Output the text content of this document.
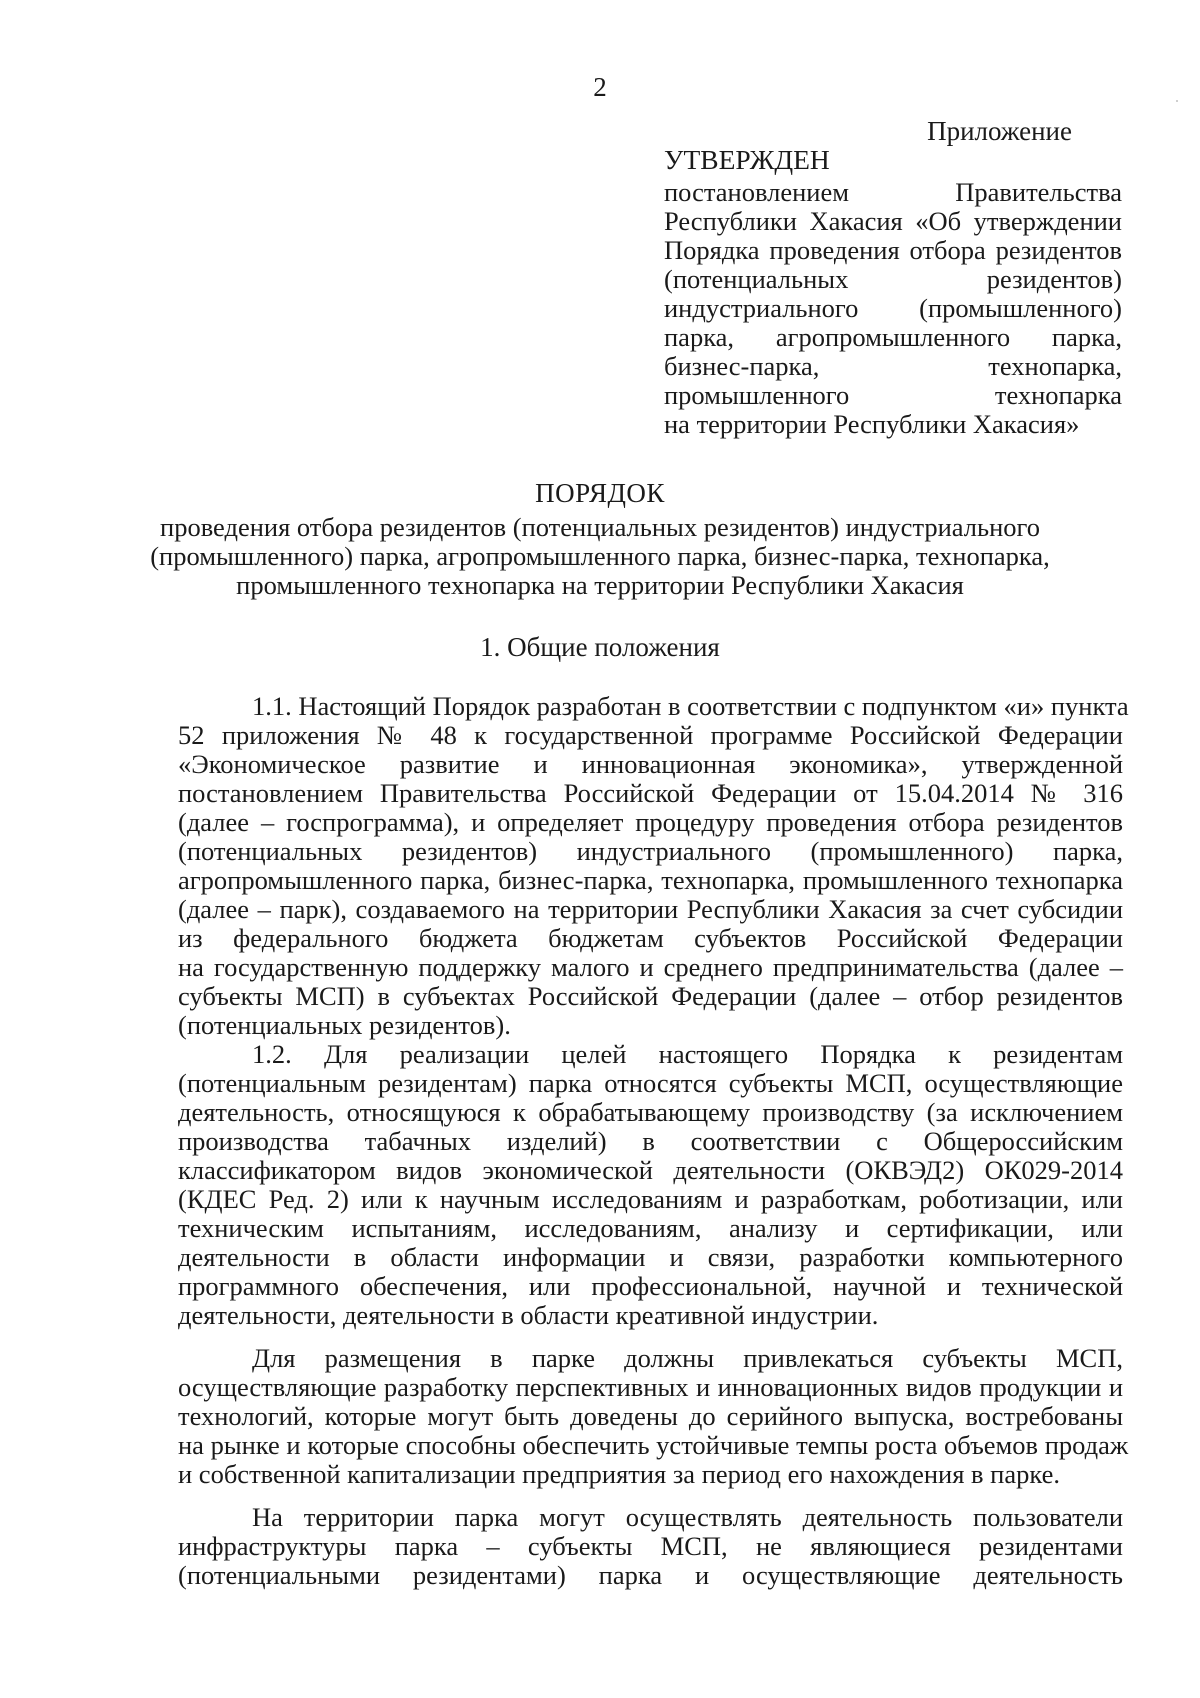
2
Приложение
УТВЕРЖДЕН
постановлением Правительства
Республики Хакасия «Об утверждении
Порядка проведения отбора резидентов
(потенциальных резидентов)
индустриального (промышленного)
парка, агропромышленного парка,
бизнес-парка, технопарка,
промышленного технопарка
на территории Республики Хакасия»
ПОРЯДОК
проведения отбора резидентов (потенциальных резидентов) индустриального
(промышленного) парка, агропромышленного парка, бизнес-парка, технопарка,
промышленного технопарка на территории Республики Хакасия
1. Общие положения
1.1. Настоящий Порядок разработан в соответствии с подпунктом «и» пункта
52 приложения № 48 к государственной программе Российской Федерации
«Экономическое развитие и инновационная экономика», утвержденной
постановлением Правительства Российской Федерации от 15.04.2014 № 316
(далее – госпрограмма), и определяет процедуру проведения отбора резидентов
(потенциальных резидентов) индустриального (промышленного) парка,
агропромышленного парка, бизнес-парка, технопарка, промышленного технопарка
(далее – парк), создаваемого на территории Республики Хакасия за счет субсидии
из федерального бюджета бюджетам субъектов Российской Федерации
на государственную поддержку малого и среднего предпринимательства (далее –
субъекты МСП) в субъектах Российской Федерации (далее – отбор резидентов
(потенциальных резидентов).
1.2. Для реализации целей настоящего Порядка к резидентам
(потенциальным резидентам) парка относятся субъекты МСП, осуществляющие
деятельность, относящуюся к обрабатывающему производству (за исключением
производства табачных изделий) в соответствии с Общероссийским
классификатором видов экономической деятельности (ОКВЭД2) ОК029-2014
(КДЕС Ред. 2) или к научным исследованиям и разработкам, роботизации, или
техническим испытаниям, исследованиям, анализу и сертификации, или
деятельности в области информации и связи, разработки компьютерного
программного обеспечения, или профессиональной, научной и технической
деятельности, деятельности в области креативной индустрии.
Для размещения в парке должны привлекаться субъекты МСП,
осуществляющие разработку перспективных и инновационных видов продукции и
технологий, которые могут быть доведены до серийного выпуска, востребованы
на рынке и которые способны обеспечить устойчивые темпы роста объемов продаж
и собственной капитализации предприятия за период его нахождения в парке.
На территории парка могут осуществлять деятельность пользователи
инфраструктуры парка – субъекты МСП, не являющиеся резидентами
(потенциальными резидентами) парка и осуществляющие деятельность
